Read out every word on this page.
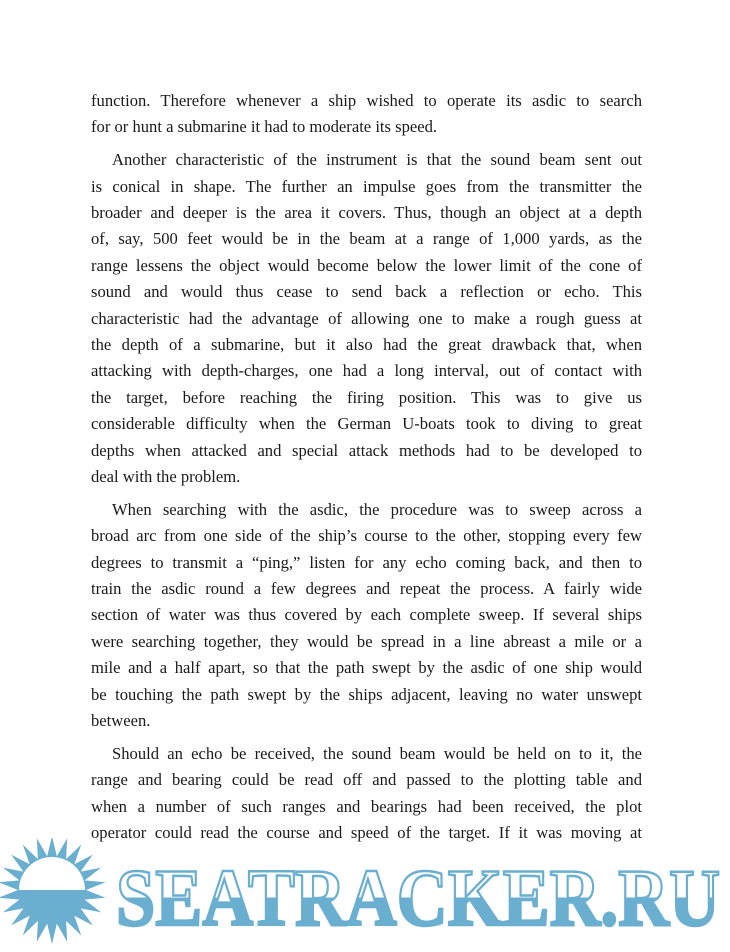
function. Therefore whenever a ship wished to operate its asdic to search
for or hunt a submarine it had to moderate its speed.
Another characteristic of the instrument is that the sound beam sent out
is conical in shape. The further an impulse goes from the transmitter the
broader and deeper is the area it covers. Thus, though an object at a depth
of, say, 500 feet would be in the beam at a range of 1,000 yards, as the
range lessens the object would become below the lower limit of the cone of
sound and would thus cease to send back a reflection or echo. This
characteristic had the advantage of allowing one to make a rough guess at
the depth of a submarine, but it also had the great drawback that, when
attacking with depth-charges, one had a long interval, out of contact with
the target, before reaching the firing position. This was to give us
considerable difficulty when the German U-boats took to diving to great
depths when attacked and special attack methods had to be developed to
deal with the problem.
When searching with the asdic, the procedure was to sweep across a
broad arc from one side of the ship’s course to the other, stopping every few
degrees to transmit a “ping,” listen for any echo coming back, and then to
train the asdic round a few degrees and repeat the process. A fairly wide
section of water was thus covered by each complete sweep. If several ships
were searching together, they would be spread in a line abreast a mile or a
mile and a half apart, so that the path swept by the asdic of one ship would
be touching the path swept by the ships adjacent, leaving no water unswept
between.
Should an echo be received, the sound beam would be held on to it, the
range and bearing could be read off and passed to the plotting table and
when a number of such ranges and bearings had been received, the plot
operator could read the course and speed of the target. If it was moving at
SEATRACKER.RU
